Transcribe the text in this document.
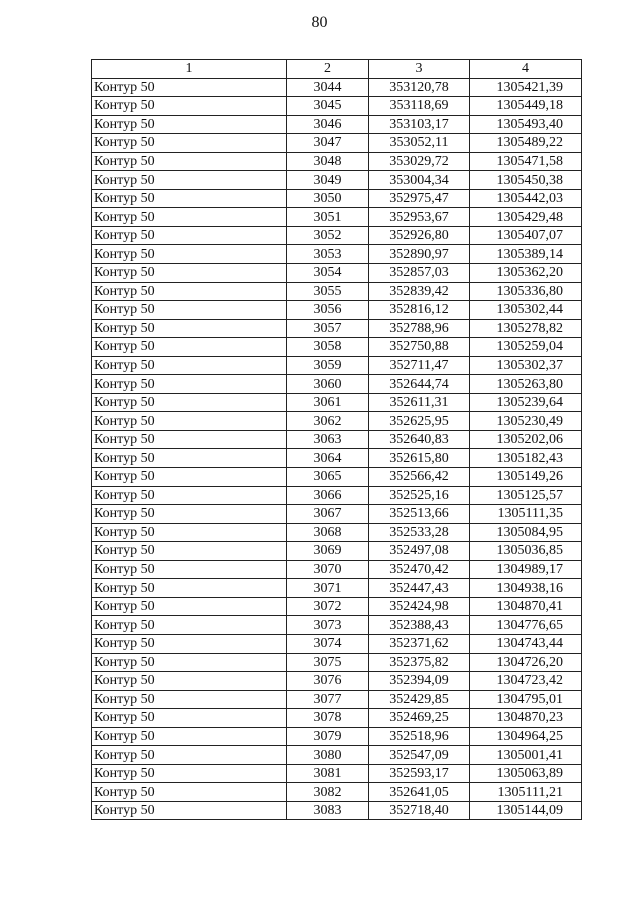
80
1	2	3	4
Контур 50	3044	353120,78	1305421,39
Контур 50	3045	353118,69	1305449,18
Контур 50	3046	353103,17	1305493,40
Контур 50	3047	353052,11	1305489,22
Контур 50	3048	353029,72	1305471,58
Контур 50	3049	353004,34	1305450,38
Контур 50	3050	352975,47	1305442,03
Контур 50	3051	352953,67	1305429,48
Контур 50	3052	352926,80	1305407,07
Контур 50	3053	352890,97	1305389,14
Контур 50	3054	352857,03	1305362,20
Контур 50	3055	352839,42	1305336,80
Контур 50	3056	352816,12	1305302,44
Контур 50	3057	352788,96	1305278,82
Контур 50	3058	352750,88	1305259,04
Контур 50	3059	352711,47	1305302,37
Контур 50	3060	352644,74	1305263,80
Контур 50	3061	352611,31	1305239,64
Контур 50	3062	352625,95	1305230,49
Контур 50	3063	352640,83	1305202,06
Контур 50	3064	352615,80	1305182,43
Контур 50	3065	352566,42	1305149,26
Контур 50	3066	352525,16	1305125,57
Контур 50	3067	352513,66	1305111,35
Контур 50	3068	352533,28	1305084,95
Контур 50	3069	352497,08	1305036,85
Контур 50	3070	352470,42	1304989,17
Контур 50	3071	352447,43	1304938,16
Контур 50	3072	352424,98	1304870,41
Контур 50	3073	352388,43	1304776,65
Контур 50	3074	352371,62	1304743,44
Контур 50	3075	352375,82	1304726,20
Контур 50	3076	352394,09	1304723,42
Контур 50	3077	352429,85	1304795,01
Контур 50	3078	352469,25	1304870,23
Контур 50	3079	352518,96	1304964,25
Контур 50	3080	352547,09	1305001,41
Контур 50	3081	352593,17	1305063,89
Контур 50	3082	352641,05	1305111,21
Контур 50	3083	352718,40	1305144,09
